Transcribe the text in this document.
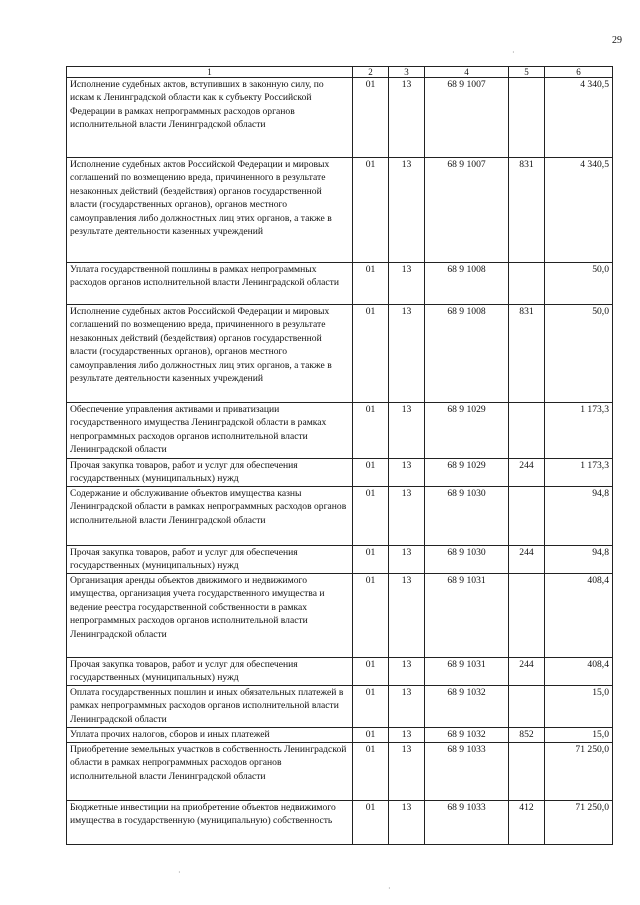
29
1	2	3	4	5	6
Исполнение судебных актов, вступивших в законную силу, по искам к Ленинградской области как к субъекту Российской Федерации в рамках непрограммных расходов органов исполнительной власти Ленинградской области	01	13	68 9 1007		4 340,5
Исполнение судебных актов Российской Федерации и мировых соглашений по возмещению вреда, причиненного в результате незаконных действий (бездействия) органов государственной власти (государственных органов), органов местного самоуправления либо должностных лиц этих органов, а также в результате деятельности казенных учреждений	01	13	68 9 1007	831	4 340,5
Уплата государственной пошлины в рамках непрограммных расходов органов исполнительной власти Ленинградской области	01	13	68 9 1008		50,0
Исполнение судебных актов Российской Федерации и мировых соглашений по возмещению вреда, причиненного в результате незаконных действий (бездействия) органов государственной власти (государственных органов), органов местного самоуправления либо должностных лиц этих органов, а также в результате деятельности казенных учреждений	01	13	68 9 1008	831	50,0
Обеспечение управления активами и приватизации государственного имущества Ленинградской области в рамках непрограммных расходов органов исполнительной власти Ленинградской области	01	13	68 9 1029		1 173,3
Прочая закупка товаров, работ и услуг для обеспечения государственных (муниципальных) нужд	01	13	68 9 1029	244	1 173,3
Содержание и обслуживание объектов имущества казны Ленинградской области в рамках непрограммных расходов органов исполнительной власти Ленинградской области	01	13	68 9 1030		94,8
Прочая закупка товаров, работ и услуг для обеспечения государственных (муниципальных) нужд	01	13	68 9 1030	244	94,8
Организация аренды объектов движимого и недвижимого имущества, организация учета государственного имущества и ведение реестра государственной собственности в рамках непрограммных расходов органов исполнительной власти Ленинградской области	01	13	68 9 1031		408,4
Прочая закупка товаров, работ и услуг для обеспечения государственных (муниципальных) нужд	01	13	68 9 1031	244	408,4
Оплата государственных пошлин и иных обязательных платежей в рамках непрограммных расходов органов исполнительной власти Ленинградской области	01	13	68 9 1032		15,0
Уплата прочих налогов, сборов и иных платежей	01	13	68 9 1032	852	15,0
Приобретение земельных участков в собственность Ленинградской области в рамках непрограммных расходов органов исполнительной власти Ленинградской области	01	13	68 9 1033		71 250,0
Бюджетные инвестиции на приобретение объектов недвижимого имущества в государственную (муниципальную) собственность	01	13	68 9 1033	412	71 250,0
·
·
·
